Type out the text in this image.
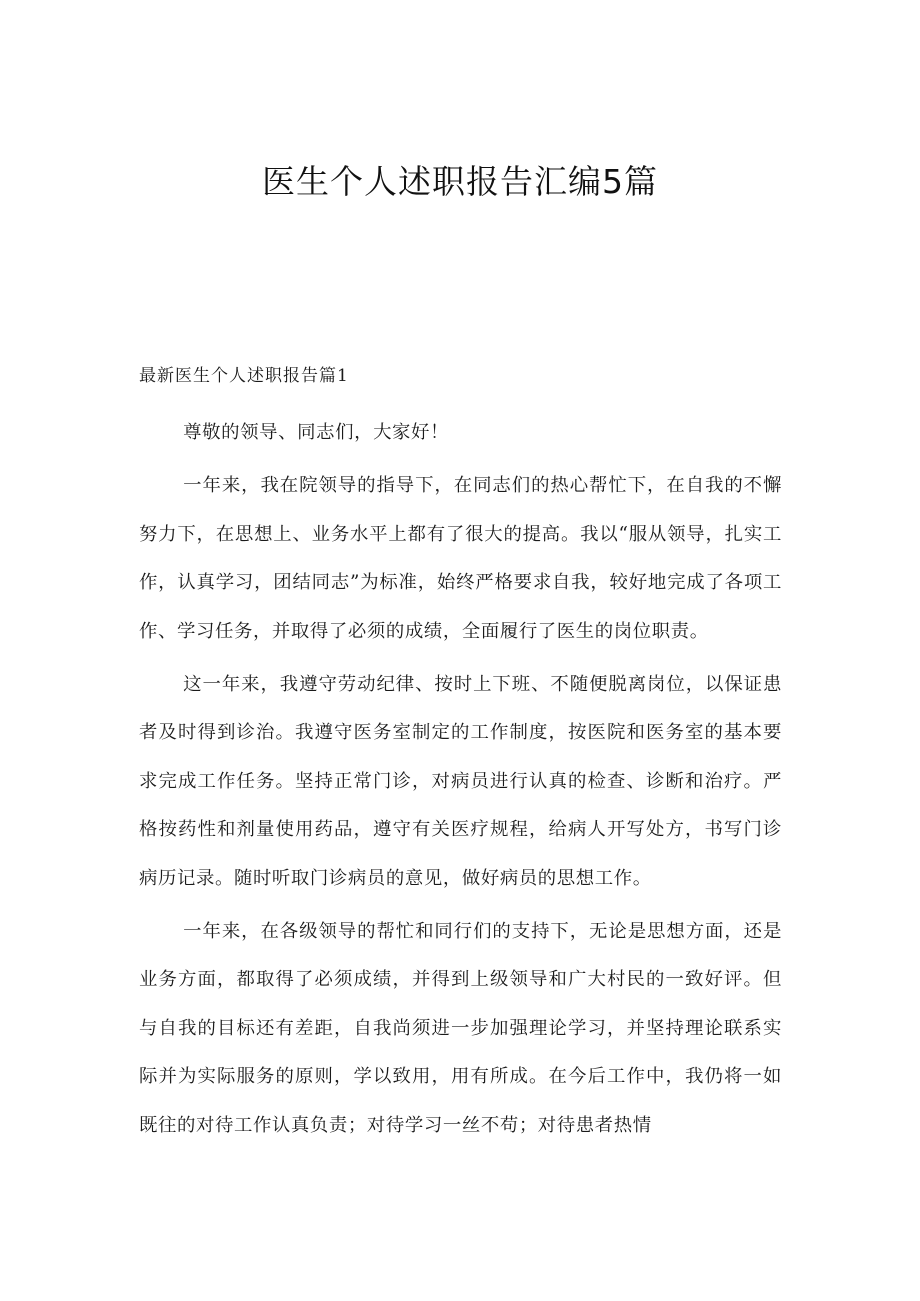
医生个人述职报告汇编5篇
最新医生个人述职报告篇1

尊敬的领导、同志们，大家好！

一年来，我在院领导的指导下，在同志们的热心帮忙下，在自我的不懈努力下，在思想上、业务水平上都有了很大的提高。我以“服从领导，扎实工作，认真学习，团结同志”为标准，始终严格要求自我，较好地完成了各项工作、学习任务，并取得了必须的成绩，全面履行了医生的岗位职责。

这一年来，我遵守劳动纪律、按时上下班、不随便脱离岗位，以保证患者及时得到诊治。我遵守医务室制定的工作制度，按医院和医务室的基本要求完成工作任务。坚持正常门诊，对病员进行认真的检查、诊断和治疗。严格按药性和剂量使用药品，遵守有关医疗规程，给病人开写处方，书写门诊病历记录。随时听取门诊病员的意见，做好病员的思想工作。

一年来，在各级领导的帮忙和同行们的支持下，无论是思想方面，还是业务方面，都取得了必须成绩，并得到上级领导和广大村民的一致好评。但与自我的目标还有差距，自我尚须进一步加强理论学习，并坚持理论联系实际并为实际服务的原则，学以致用，用有所成。在今后工作中，我仍将一如既往的对待工作认真负责；对待学习一丝不苟；对待患者热情
